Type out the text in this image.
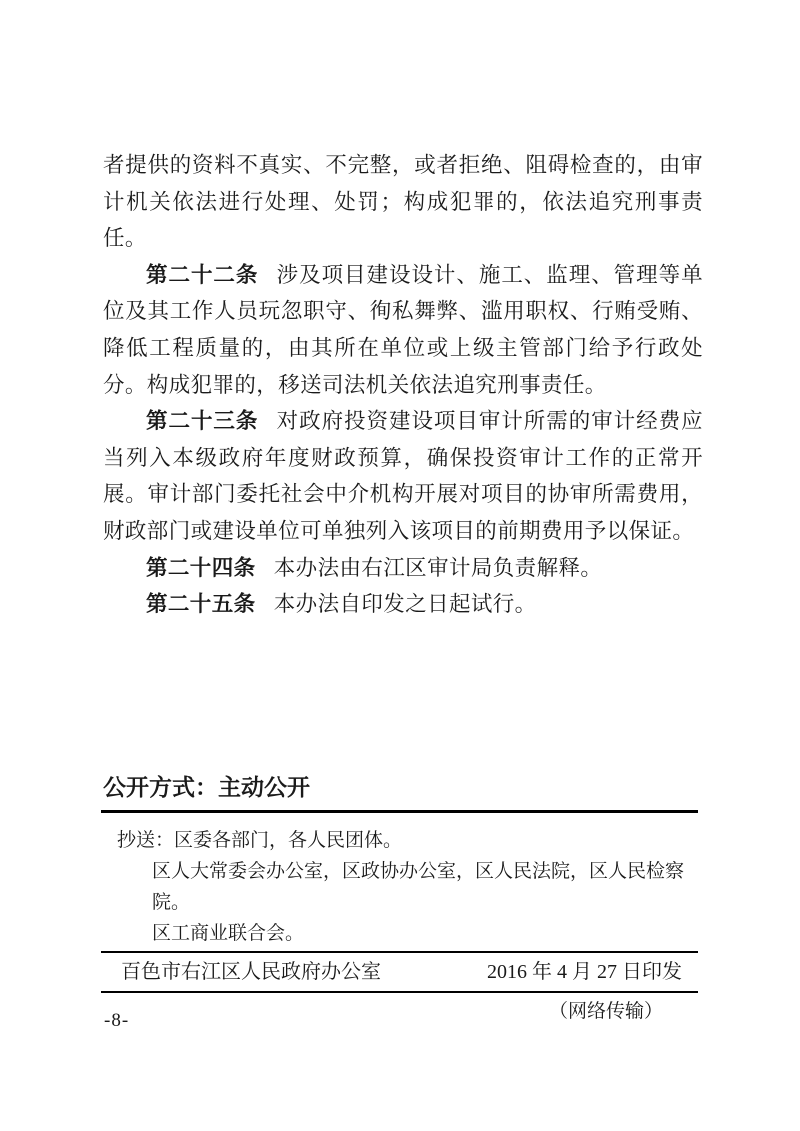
者提供的资料不真实、不完整，或者拒绝、阻碍检查的，由审计机关依法进行处理、处罚；构成犯罪的，依法追究刑事责任。

第二十二条 涉及项目建设设计、施工、监理、管理等单位及其工作人员玩忽职守、徇私舞弊、滥用职权、行贿受贿、降低工程质量的，由其所在单位或上级主管部门给予行政处分。构成犯罪的，移送司法机关依法追究刑事责任。

第二十三条 对政府投资建设项目审计所需的审计经费应当列入本级政府年度财政预算，确保投资审计工作的正常开展。审计部门委托社会中介机构开展对项目的协审所需费用，财政部门或建设单位可单独列入该项目的前期费用予以保证。

第二十四条 本办法由右江区审计局负责解释。

第二十五条 本办法自印发之日起试行。

公开方式：主动公开
抄送： 区委各部门，各人民团体。
区人大常委会办公室，区政协办公室，区人民法院，区人民检察院。
区工商业联合会。
百色市右江区人民政府办公室	2016 年 4 月 27 日印发
（网络传输）
-8-
